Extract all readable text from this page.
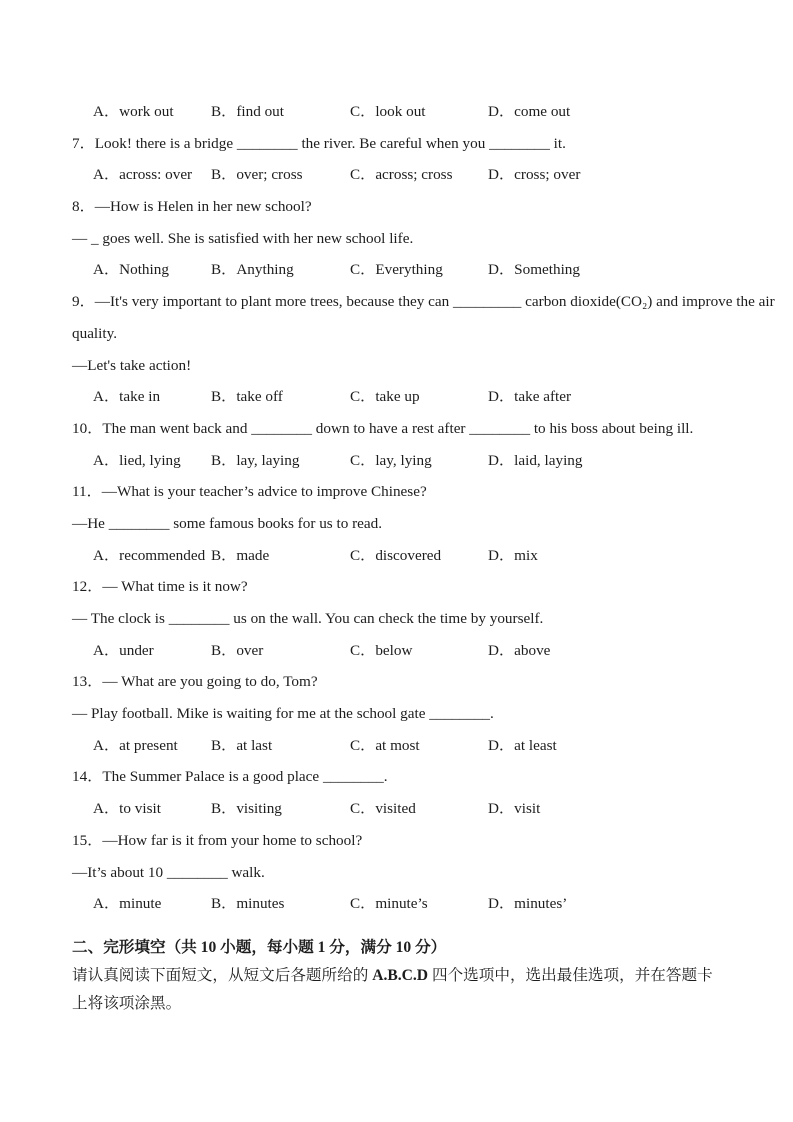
A．work out B．find out	C．look out	D．come out

7．Look! there is a bridge ________ the river. Be careful when you ________ it.

A．across: over B．over; cross	C．across; cross D．cross; over

8．—How is Helen in her new school?

— _ goes well. She is satisfied with her new school life.

A．Nothing	B．Anything	C．Everything	D．Something

9．—It's very important to plant more trees, because they can _________ carbon dioxide(CO₂) and improve the air

quality.

—Let's take action!

A．take in	B．take off	C．take up	D．take after

10．The man went back and ________ down to have a rest after ________ to his boss about being ill.

A．lied, lying B．lay, laying	C．lay, lying	D．laid, laying

11．—What is your teacher’s advice to improve Chinese?

—He ________ some famous books for us to read.

A．recommended B．made	C．discovered	D．mix

12．— What time is it now?

— The clock is ________ us on the wall. You can check the time by yourself.

A．under	B．over	C．below	D．above

13．— What are you going to do, Tom?

— Play football. Mike is waiting for me at the school gate ________.

A．at present B．at last	C．at most	D．at least

14．The Summer Palace is a good place ________.

A．to visit	B．visiting	C．visited	D．visit

15．—How far is it from your home to school?

—It’s about 10 ________ walk.

A．minute	B．minutes	C．minute’s	D．minutes’

二、完形填空（共 10 小题，每小题 1 分，满分 10 分）

请认真阅读下面短文，从短文后各题所给的 A.B.C.D 四个选项中，选出最佳选项，并在答题卡

上将该项涂黑。
